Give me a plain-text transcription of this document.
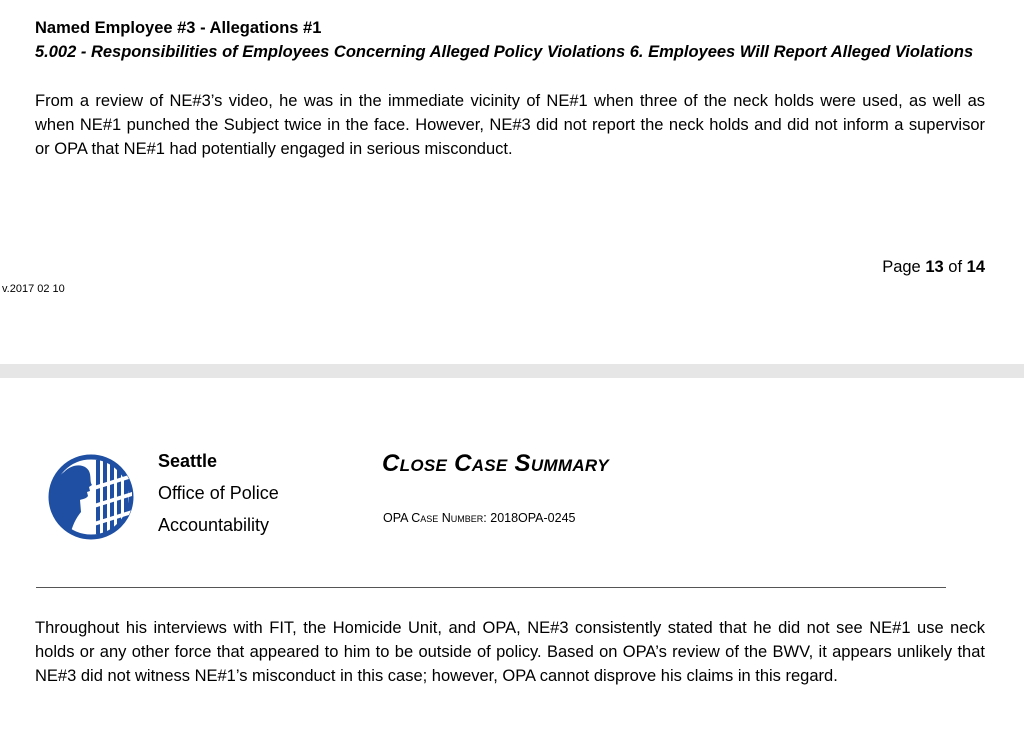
Named Employee #3 - Allegations #1
5.002 - Responsibilities of Employees Concerning Alleged Policy Violations 6. Employees Will Report Alleged Violations
From a review of NE#3’s video, he was in the immediate vicinity of NE#1 when three of the neck holds were used, as well as when NE#1 punched the Subject twice in the face. However, NE#3 did not report the neck holds and did not inform a supervisor or OPA that NE#1 had potentially engaged in serious misconduct.
Page 13 of 14
v.2017 02 10
Seattle
Office of Police
Accountability
Close Case Summary
OPA Case Number: 2018OPA-0245
Throughout his interviews with FIT, the Homicide Unit, and OPA, NE#3 consistently stated that he did not see NE#1 use neck holds or any other force that appeared to him to be outside of policy. Based on OPA’s review of the BWV, it appears unlikely that NE#3 did not witness NE#1’s misconduct in this case; however, OPA cannot disprove his claims in this regard.
